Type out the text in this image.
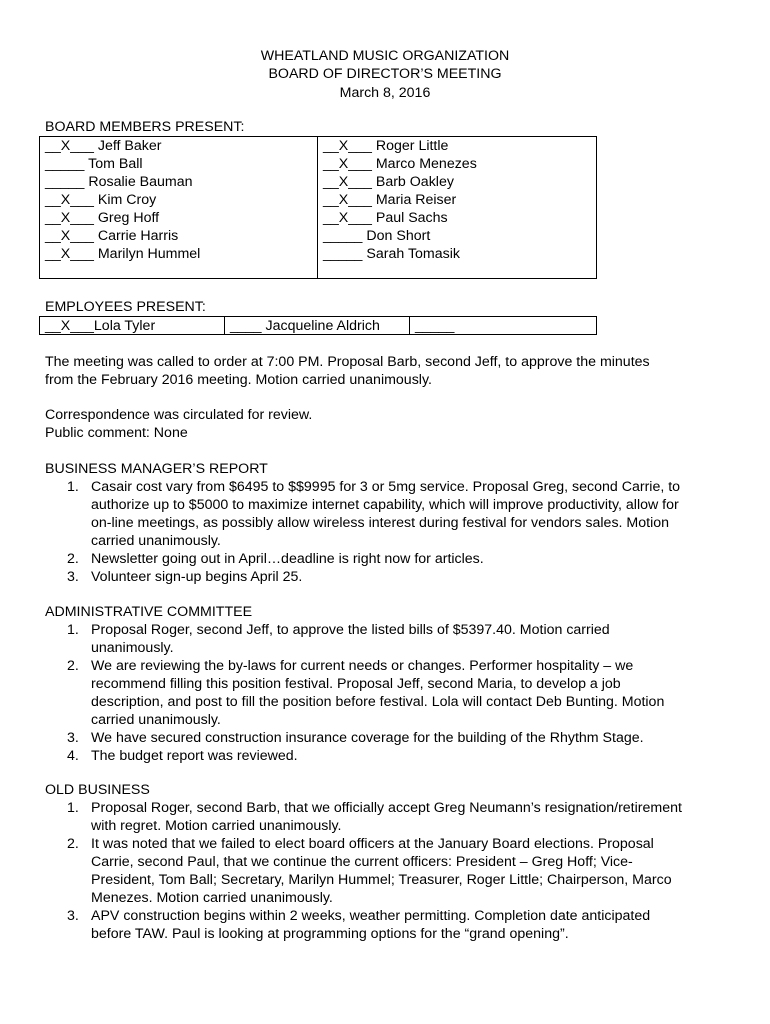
WHEATLAND MUSIC ORGANIZATION
BOARD OF DIRECTOR’S MEETING
March 8, 2016
BOARD MEMBERS PRESENT:
__X___ Jeff Baker
_____ Tom Ball
_____ Rosalie Bauman
__X___ Kim Croy
__X___ Greg Hoff
__X___ Carrie Harris
__X___ Marilyn Hummel
__X___ Roger Little
__X___ Marco Menezes
__X___ Barb Oakley
__X___ Maria Reiser
__X___ Paul Sachs
_____ Don Short
_____ Sarah Tomasik
EMPLOYEES PRESENT:
__X___Lola Tyler	____ Jacqueline Aldrich _____
The meeting was called to order at 7:00 PM. Proposal Barb, second Jeff, to approve the minutes
from the February 2016 meeting. Motion carried unanimously.
Correspondence was circulated for review.
Public comment: None
BUSINESS MANAGER’S REPORT
1. Casair cost vary from $6495 to $$9995 for 3 or 5mg service. Proposal Greg, second Carrie, to
authorize up to $5000 to maximize internet capability, which will improve productivity, allow for
on-line meetings, as possibly allow wireless interest during festival for vendors sales. Motion
carried unanimously.
2. Newsletter going out in April…deadline is right now for articles.
3. Volunteer sign-up begins April 25.
ADMINISTRATIVE COMMITTEE
1. Proposal Roger, second Jeff, to approve the listed bills of $5397.40. Motion carried
unanimously.
2. We are reviewing the by-laws for current needs or changes. Performer hospitality – we
recommend filling this position festival. Proposal Jeff, second Maria, to develop a job
description, and post to fill the position before festival. Lola will contact Deb Bunting. Motion
carried unanimously.
3. We have secured construction insurance coverage for the building of the Rhythm Stage.
4. The budget report was reviewed.
OLD BUSINESS
1. Proposal Roger, second Barb, that we officially accept Greg Neumann’s resignation/retirement
with regret. Motion carried unanimously.
2. It was noted that we failed to elect board officers at the January Board elections. Proposal
Carrie, second Paul, that we continue the current officers: President – Greg Hoff; Vice-
President, Tom Ball; Secretary, Marilyn Hummel; Treasurer, Roger Little; Chairperson, Marco
Menezes. Motion carried unanimously.
3. APV construction begins within 2 weeks, weather permitting. Completion date anticipated
before TAW. Paul is looking at programming options for the “grand opening”.
